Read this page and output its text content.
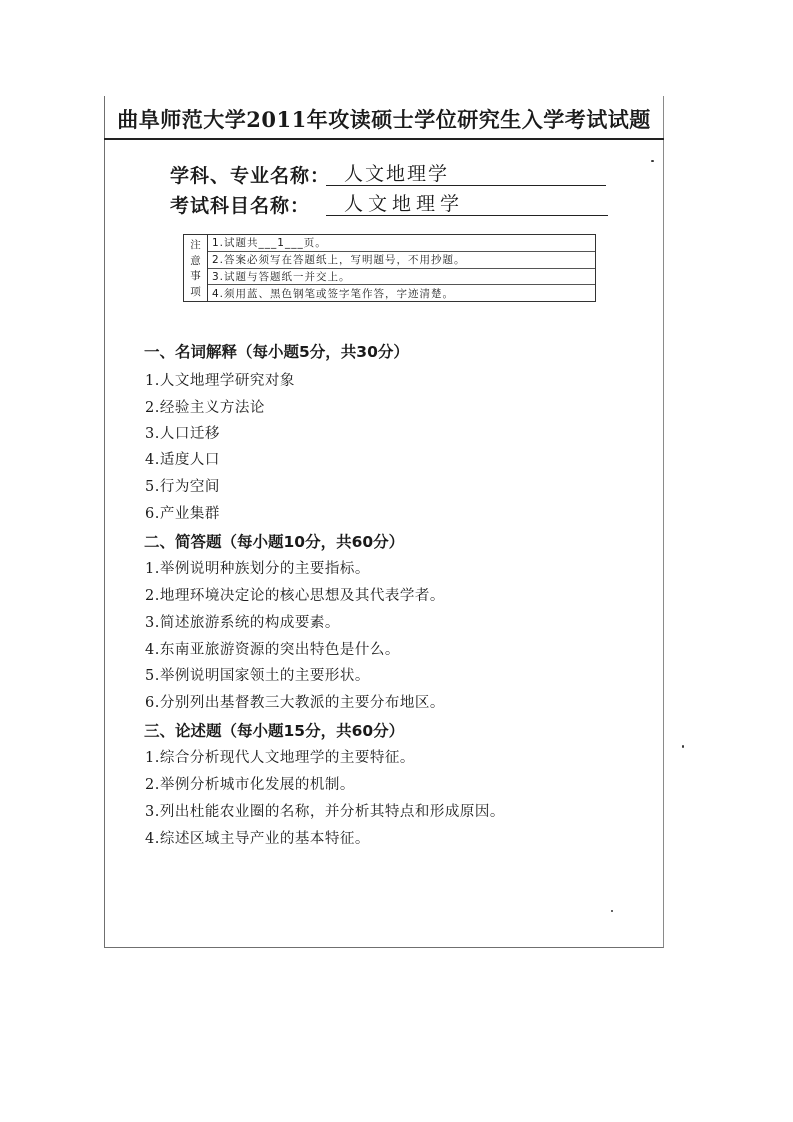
曲阜师范大学2011年攻读硕士学位研究生入学考试试题
学科、专业名称： 人文地理学
考试科目名称：	人文地理学
注
意
事
项
1.试题共___1___页。
2.答案必须写在答题纸上，写明题号，不用抄题。
3.试题与答题纸一并交上。
4.须用蓝、黑色钢笔或签字笔作答，字迹清楚。
一、名词解释（每小题5分，共30分）
1.人文地理学研究对象
2.经验主义方法论
3.人口迁移
4.适度人口
5.行为空间
6.产业集群
二、简答题（每小题10分，共60分）
1.举例说明种族划分的主要指标。
2.地理环境决定论的核心思想及其代表学者。
3.简述旅游系统的构成要素。
4.东南亚旅游资源的突出特色是什么。
5.举例说明国家领土的主要形状。
6.分别列出基督教三大教派的主要分布地区。
三、论述题（每小题15分，共60分）
1.综合分析现代人文地理学的主要特征。
2.举例分析城市化发展的机制。
3.列出杜能农业圈的名称，并分析其特点和形成原因。
4.综述区域主导产业的基本特征。
